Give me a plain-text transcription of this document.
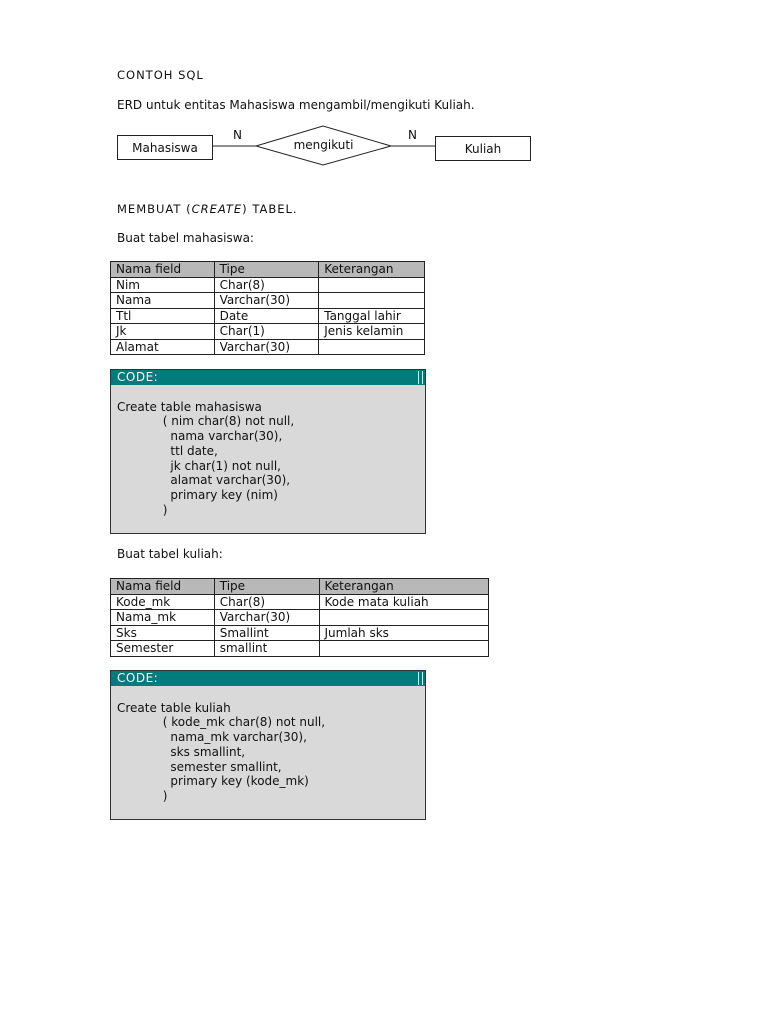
CONTOH SQL
ERD untuk entitas Mahasiswa mengambil/mengikuti Kuliah.
Mahasiswa	mengikuti	Kuliah
N	N
MEMBUAT (CREATE) TABEL.
Buat tabel mahasiswa:
Nama field	Tipe	Keterangan
Nim	Char(8)	
Nama	Varchar(30)	
Ttl	Date	Tanggal lahir
Jk	Char(1)	Jenis kelamin
Alamat	Varchar(30)	
CODE:

Create table mahasiswa
( nim char(8) not null,
nama varchar(30),
ttl date,
jk char(1) not null,
alamat varchar(30),
primary key (nim)
)
Buat tabel kuliah:
Nama field	Tipe	Keterangan
Kode_mk	Char(8)	Kode mata kuliah
Nama_mk	Varchar(30)	
Sks	Smallint	Jumlah sks
Semester	smallint	
CODE:

Create table kuliah
( kode_mk char(8) not null,
nama_mk varchar(30),
sks smallint,
semester smallint,
primary key (kode_mk)
)
